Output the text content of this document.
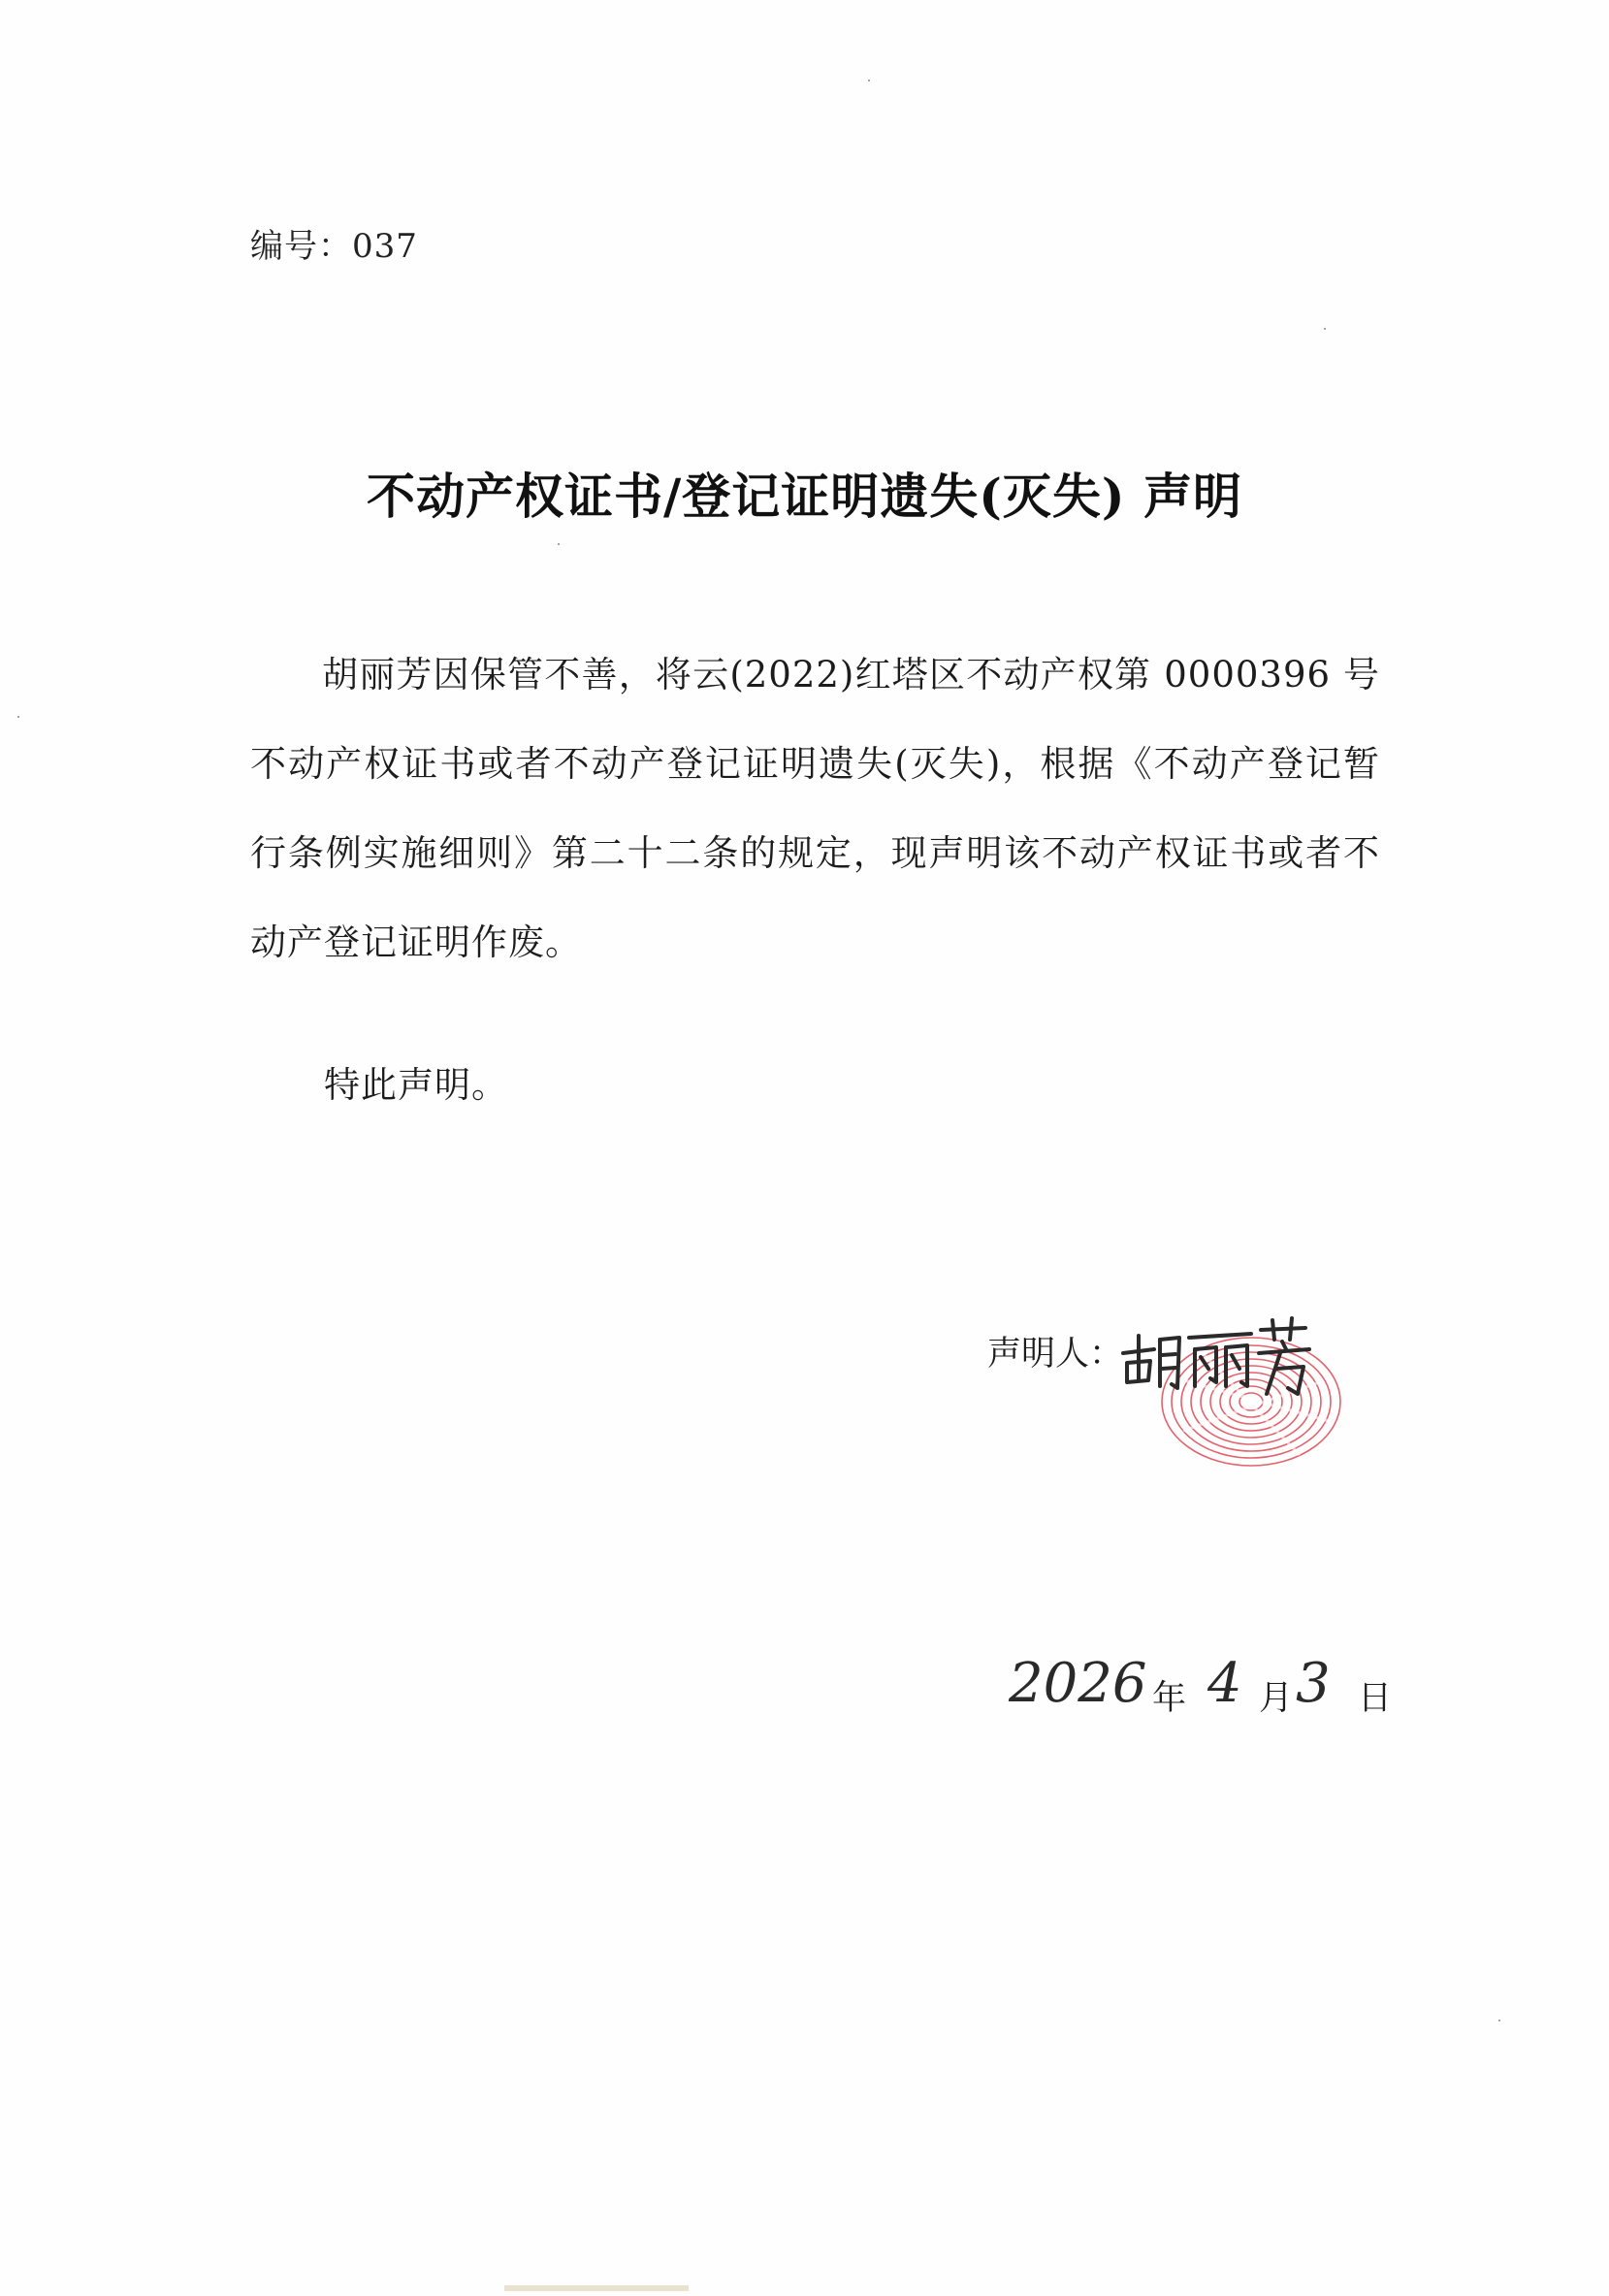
编号：037
不动产权证书/登记证明遗失(灭失) 声明
胡丽芳因保管不善，将云(2022)红塔区不动产权第 0000396 号不动产权证书或者不动产登记证明遗失(灭失)，根据《不动产登记暂行条例实施细则》第二十二条的规定，现声明该不动产权证书或者不动产登记证明作废。
特此声明。
声明人：
2026 年 4 月 3 日
